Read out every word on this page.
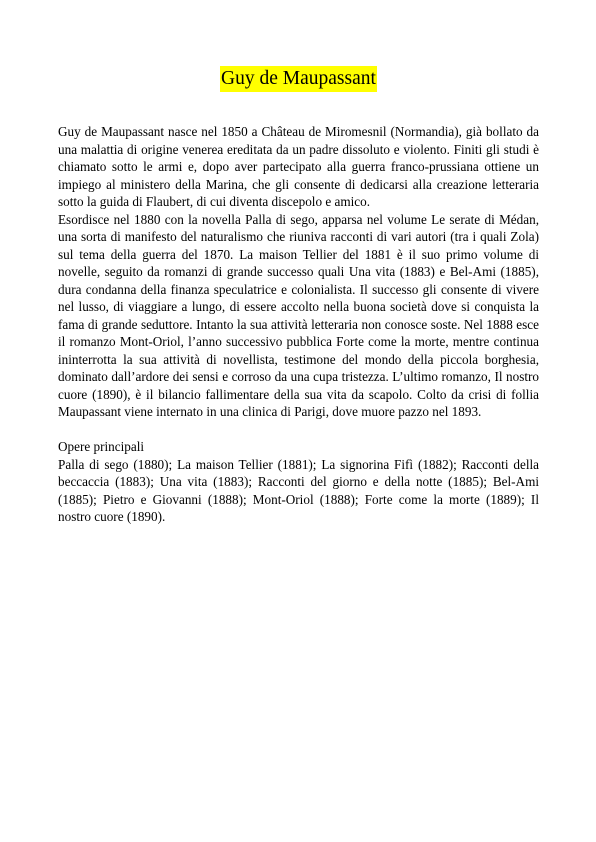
Guy de Maupassant

Guy de Maupassant nasce nel 1850 a Château de Miromesnil (Normandia), già bollato da una malattia di origine venerea ereditata da un padre dissoluto e violento. Finiti gli studi è chiamato sotto le armi e, dopo aver partecipato alla guerra franco-prussiana ottiene un impiego al ministero della Marina, che gli consente di dedicarsi alla creazione letteraria sotto la guida di Flaubert, di cui diventa discepolo e amico.

Esordisce nel 1880 con la novella Palla di sego, apparsa nel volume Le serate di Médan, una sorta di manifesto del naturalismo che riuniva racconti di vari autori (tra i quali Zola) sul tema della guerra del 1870. La maison Tellier del 1881 è il suo primo volume di novelle, seguito da romanzi di grande successo quali Una vita (1883) e Bel-Ami (1885), dura condanna della finanza speculatrice e colonialista. Il successo gli consente di vivere nel lusso, di viaggiare a lungo, di essere accolto nella buona società dove si conquista la fama di grande seduttore. Intanto la sua attività letteraria non conosce soste. Nel 1888 esce il romanzo Mont-Oriol, l’anno successivo pubblica Forte come la morte, mentre continua ininterrotta la sua attività di novellista, testimone del mondo della piccola borghesia, dominato dall’ardore dei sensi e corroso da una cupa tristezza. L’ultimo romanzo, Il nostro cuore (1890), è il bilancio fallimentare della sua vita da scapolo. Colto da crisi di follia Maupassant viene internato in una clinica di Parigi, dove muore pazzo nel 1893.

Opere principali

Palla di sego (1880); La maison Tellier (1881); La signorina Fifì (1882); Racconti della beccaccia (1883); Una vita (1883); Racconti del giorno e della notte (1885); Bel-Ami (1885); Pietro e Giovanni (1888); Mont-Oriol (1888); Forte come la morte (1889); Il nostro cuore (1890).
